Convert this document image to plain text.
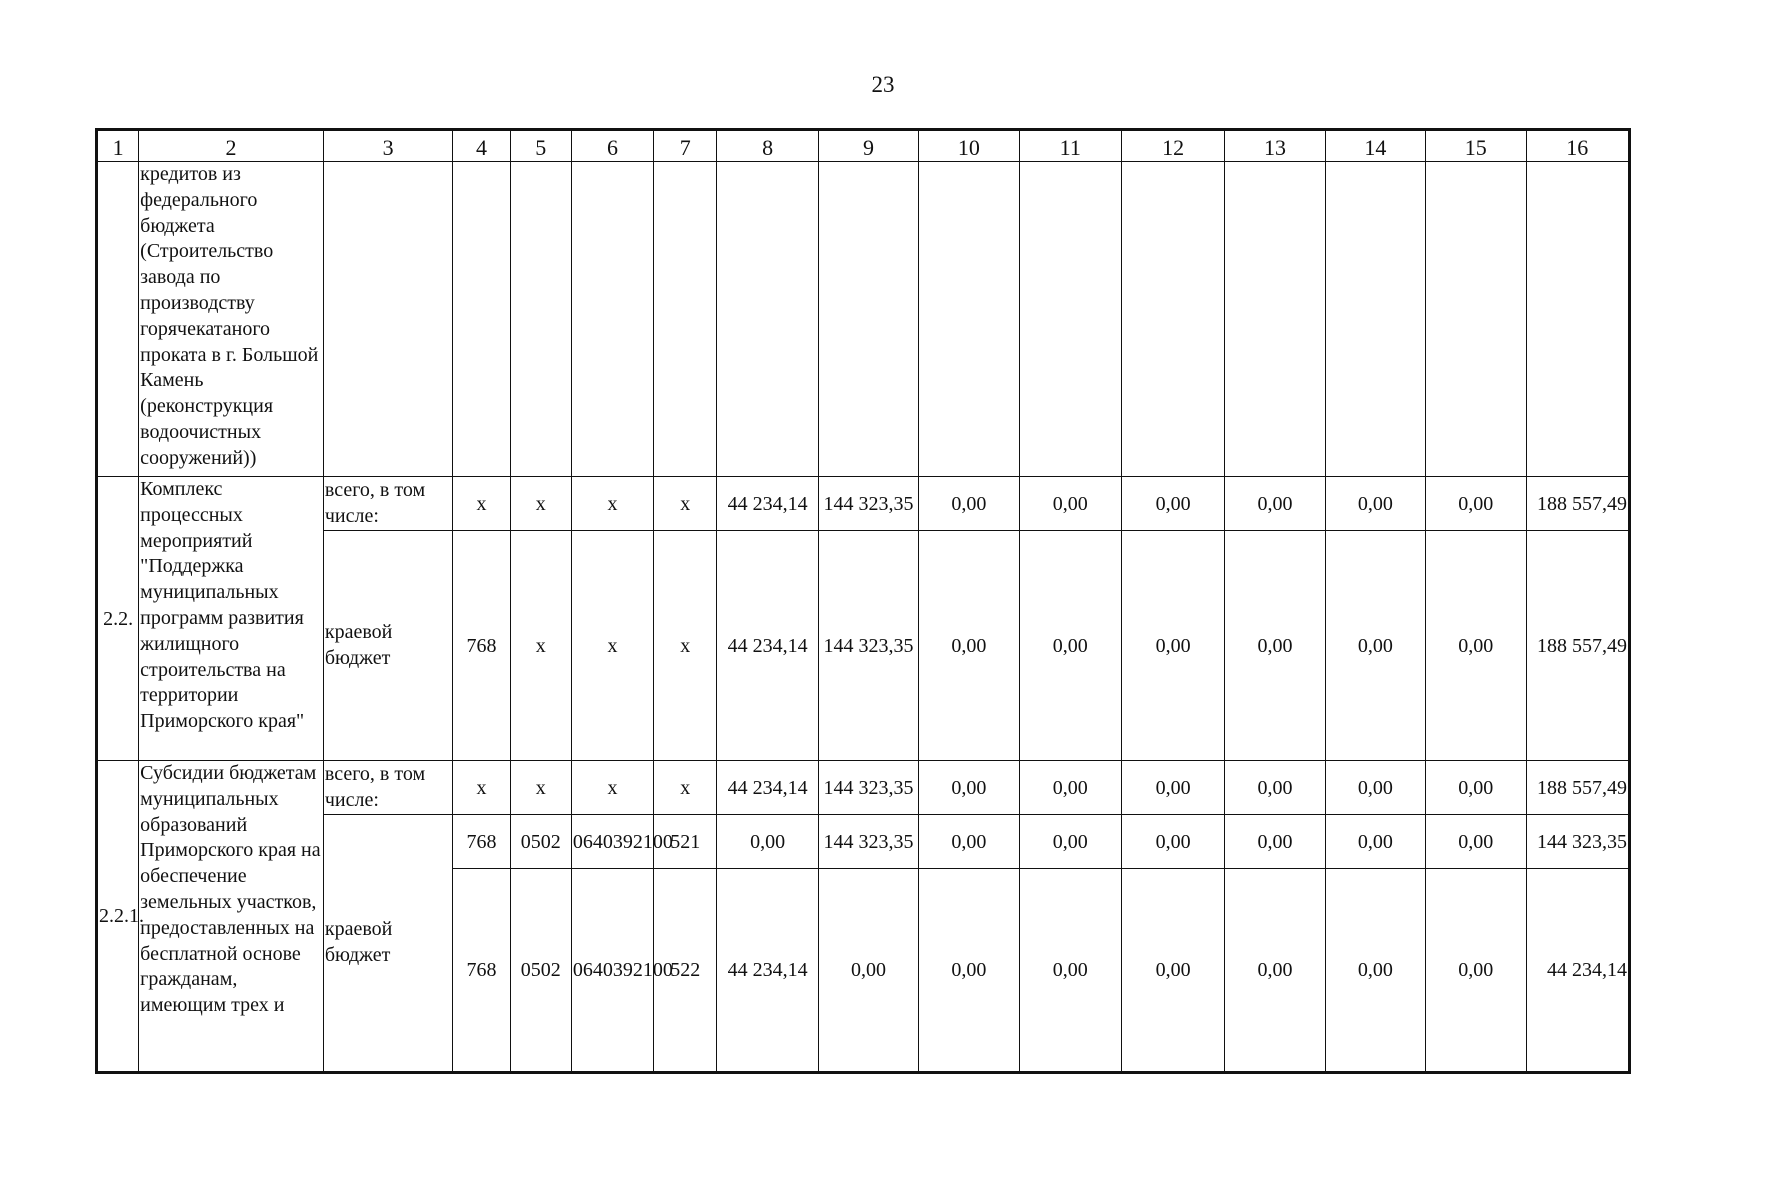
23
1	2	3	4	5	6	7	8	9	10	11	12	13	14	15	16
	кредитов из федерального бюджета (Строительство завода по производству горячекатаного проката в г. Большой Камень (реконструкция водоочистных сооружений))														
2.2.	Комплекс процессных мероприятий "Поддержка муниципальных программ развития жилищного строительства на территории Приморского края"	всего, в том числе:	x	x	x	x	44 234,14	144 323,35	0,00	0,00	0,00	0,00	0,00	0,00	188 557,49
		краевой бюджет	768	x	x	x	44 234,14	144 323,35	0,00	0,00	0,00	0,00	0,00	0,00	188 557,49
2.2.1.	Субсидии бюджетам муниципальных образований Приморского края на обеспечение земельных участков, предоставленных на бесплатной основе гражданам, имеющим трех и	всего, в том числе:	x	x	x	x	44 234,14	144 323,35	0,00	0,00	0,00	0,00	0,00	0,00	188 557,49
		краевой бюджет	768	0502	0640392100	521	0,00	144 323,35	0,00	0,00	0,00	0,00	0,00	0,00	144 323,35
			768	0502	0640392100	522	44 234,14	0,00	0,00	0,00	0,00	0,00	0,00	0,00	44 234,14
